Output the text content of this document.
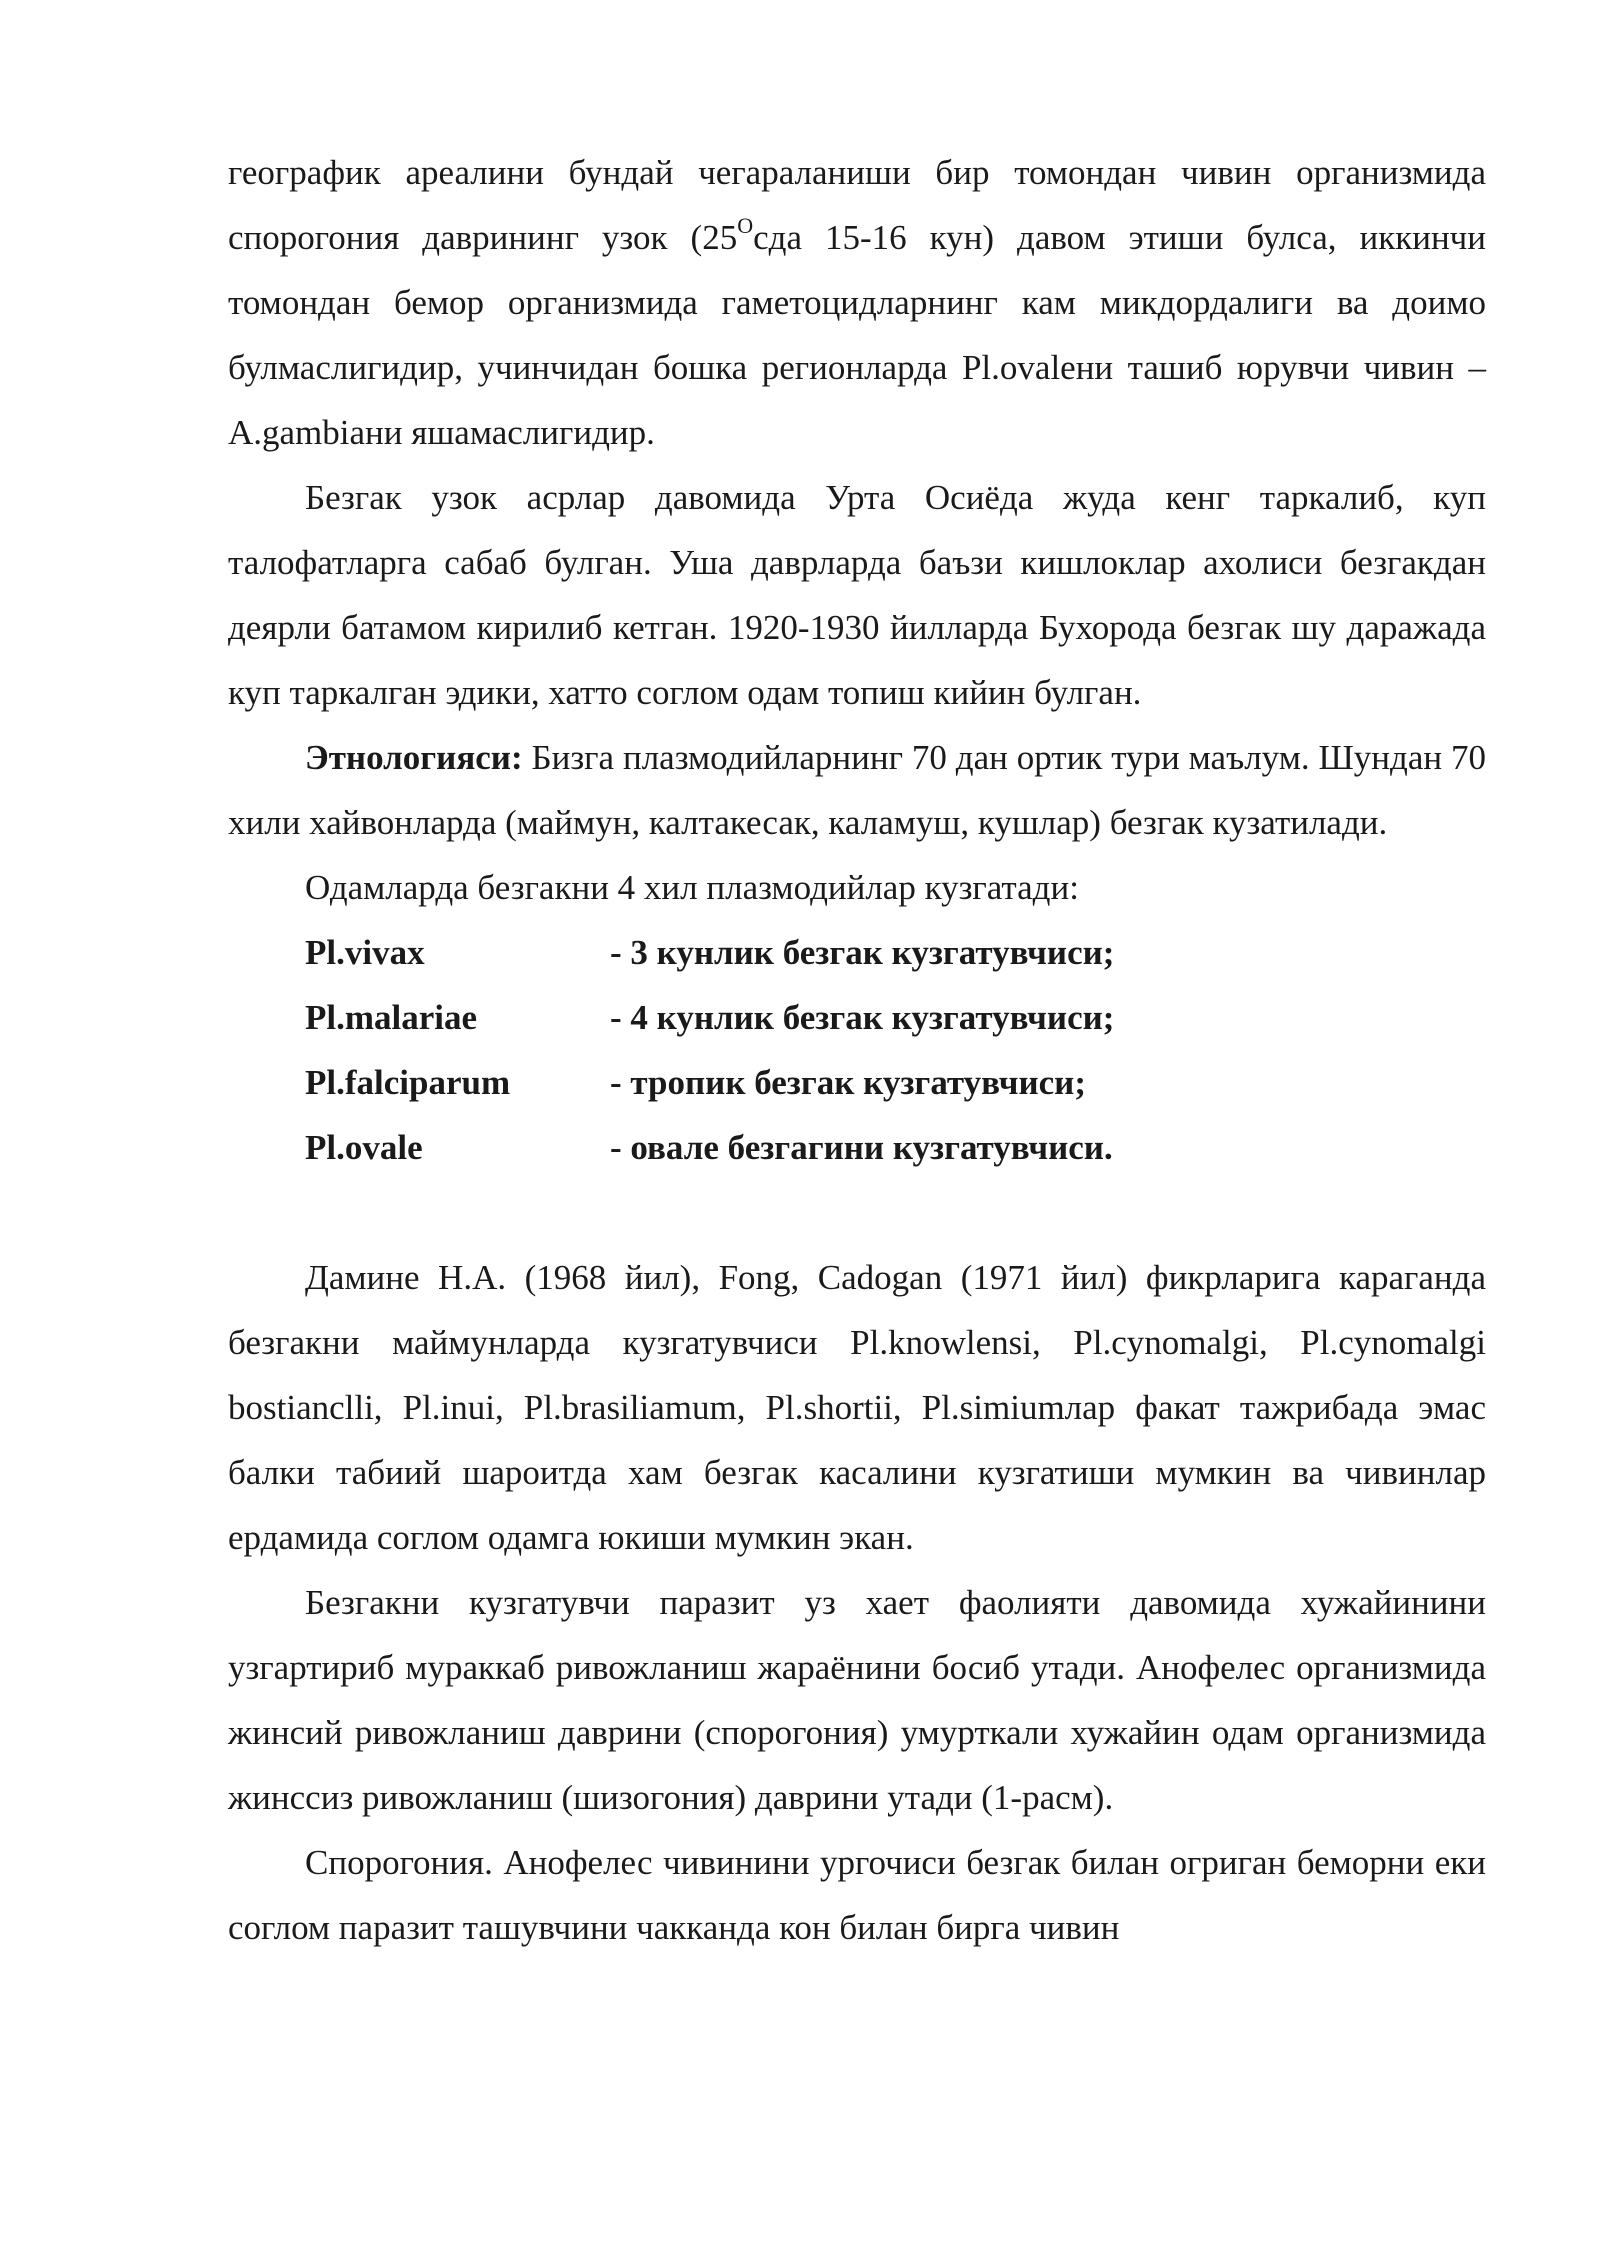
географик ареалини бундай чегараланиши бир томондан чивин организмида спорогония даврининг узок ($25^Осда$ 15-16 кун) давом этиши булса, иккинчи томондан бемор организмида гаметоцидларнинг кам микдордалиги ва доимо булмаслигидир, учинчидан бошка регионларда Pl.ovaleни ташиб юрувчи чивин – A.gambiани яшамаслигидир.

Безгак узок асрлар давомида Урта Осиёда жуда кенг таркалиб, куп талофатларга сабаб булган. Уша даврларда баъзи кишлоклар ахолиси безгакдан деярли батамом кирилиб кетган. 1920-1930 йилларда Бухорода безгак шу даражада куп таркалган эдики, хатто соглом одам топиш кийин булган.

Этнологияси: Бизга плазмодийларнинг 70 дан ортик тури маълум. Шундан 70 хили хайвонларда (маймун, калтакесак, каламуш, кушлар) безгак кузатилади.

Одамларда безгакни 4 хил плазмодийлар кузгатади:

Pl.vivax	- 3 кунлик безгак кузгатувчиси;
Pl.malariae	- 4 кунлик безгак кузгатувчиси;
Pl.falciparum	- тропик безгак кузгатувчиси;
Pl.ovale	- овале безгагини кузгатувчиси.

Дамине Н.А. (1968 йил), Fong, Cadogan (1971 йил) фикрларига караганда безгакни маймунларда кузгатувчиси Pl.knowlensi, Pl.cynomalgi, Pl.cynomalgi bostiancllі, Pl.inui, Pl.brasiliamum, Pl.shortii, Pl.simiumлар факат тажрибада эмас балки табиий шароитда хам безгак касалини кузгатиши мумкин ва чивинлар ердамида соглом одамга юкиши мумкин экан.

Безгакни кузгатувчи паразит уз хает фаолияти давомида хужайинини узгартириб мураккаб ривожланиш жараёнини босиб утади. Анофелес организмида жинсий ривожланиш даврини (спорогония) умурткали хужайин одам организмида жинссиз ривожланиш (шизогония) даврини утади (1-расм).

Спорогония. Анофелес чивинини ургочиси безгак билан огриган беморни еки соглом паразит ташувчини чакканда кон билан бирга чивин
